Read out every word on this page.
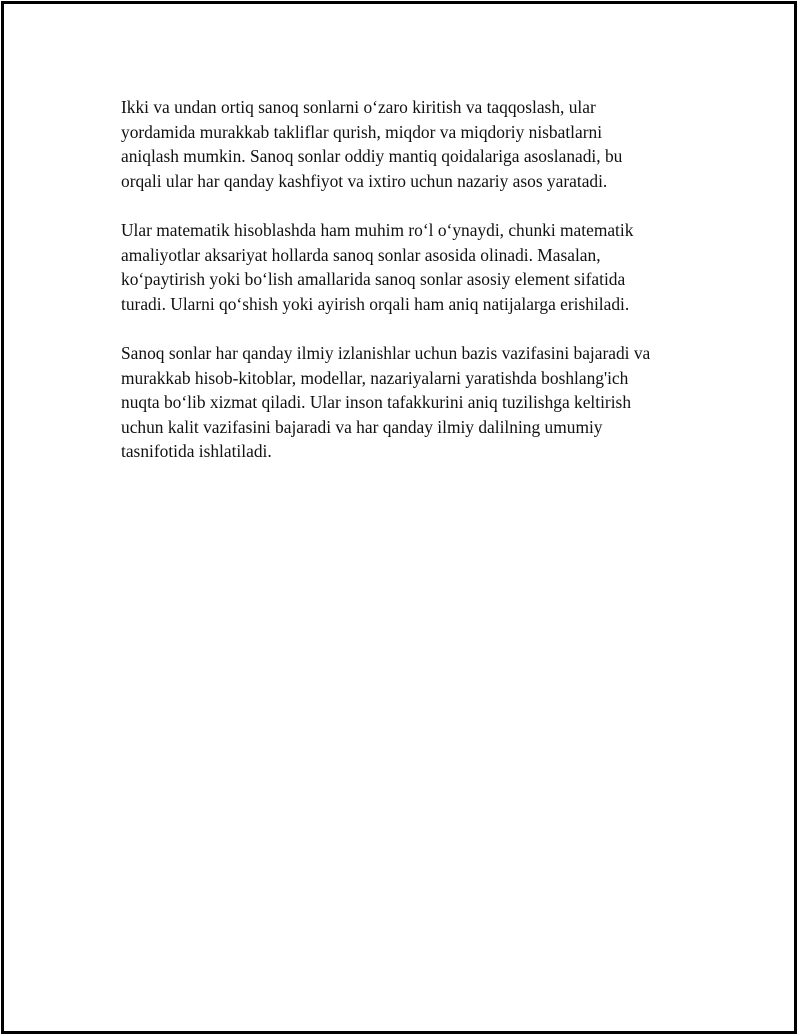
Ikki va undan ortiq sanoq sonlarni o‘zaro kiritish va taqqoslash, ular
yordamida murakkab takliflar qurish, miqdor va miqdoriy nisbatlarni
aniqlash mumkin. Sanoq sonlar oddiy mantiq qoidalariga asoslanadi, bu
orqali ular har qanday kashfiyot va ixtiro uchun nazariy asos yaratadi.

Ular matematik hisoblashda ham muhim ro‘l o‘ynaydi, chunki matematik
amaliyotlar aksariyat hollarda sanoq sonlar asosida olinadi. Masalan,
ko‘paytirish yoki bo‘lish amallarida sanoq sonlar asosiy element sifatida
turadi. Ularni qo‘shish yoki ayirish orqali ham aniq natijalarga erishiladi.

Sanoq sonlar har qanday ilmiy izlanishlar uchun bazis vazifasini bajaradi va
murakkab hisob-kitoblar, modellar, nazariyalarni yaratishda boshlang'ich
nuqta bo‘lib xizmat qiladi. Ular inson tafakkurini aniq tuzilishga keltirish
uchun kalit vazifasini bajaradi va har qanday ilmiy dalilning umumiy
tasnifotida ishlatiladi.
